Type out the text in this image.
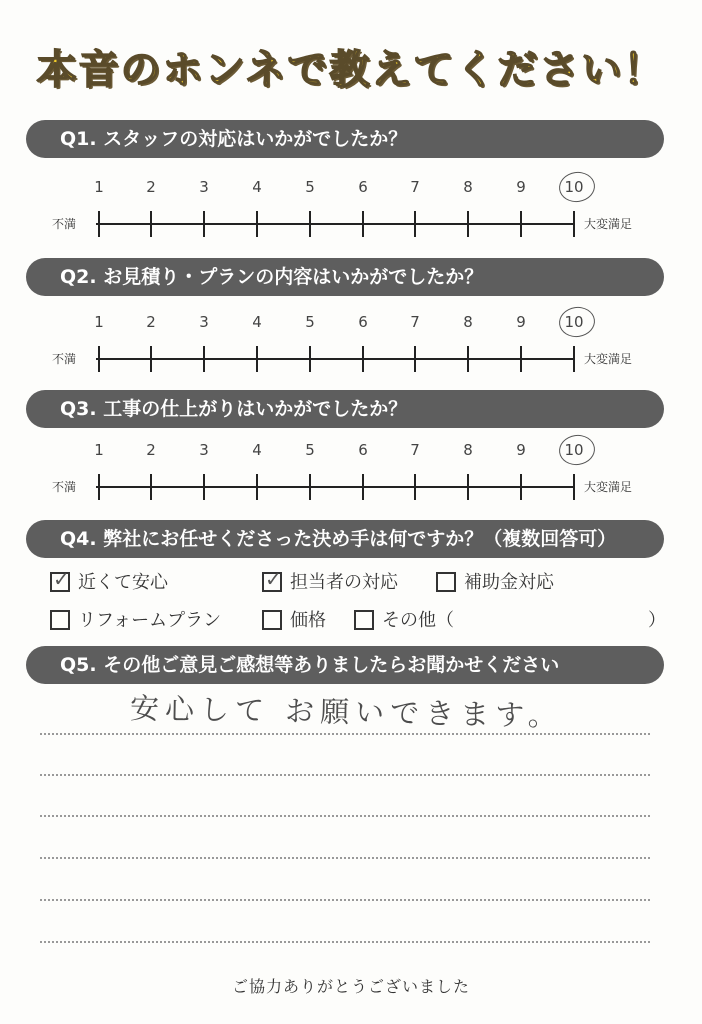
本音のホンネで教えてください！
Q1. スタッフの対応はいかがでしたか？
不満	大変満足
1	2	3	4	5	6	7	8	9	10
Q2. お見積り・プランの内容はいかがでしたか？
不満	大変満足
1	2	3	4	5	6	7	8	9	10
Q3. 工事の仕上がりはいかがでしたか？
不満	大変満足
1	2	3	4	5	6	7	8	9	10
Q4. 弊社にお任せくださった決め手は何ですか？（複数回答可）
✓ 近くて安心	✓ 担当者の対応	補助金対応
リフォームプラン	価格	その他（	）
Q5. その他ご意見ご感想等ありましたらお聞かせください
安心して お願いできます。
ご協力ありがとうございました
